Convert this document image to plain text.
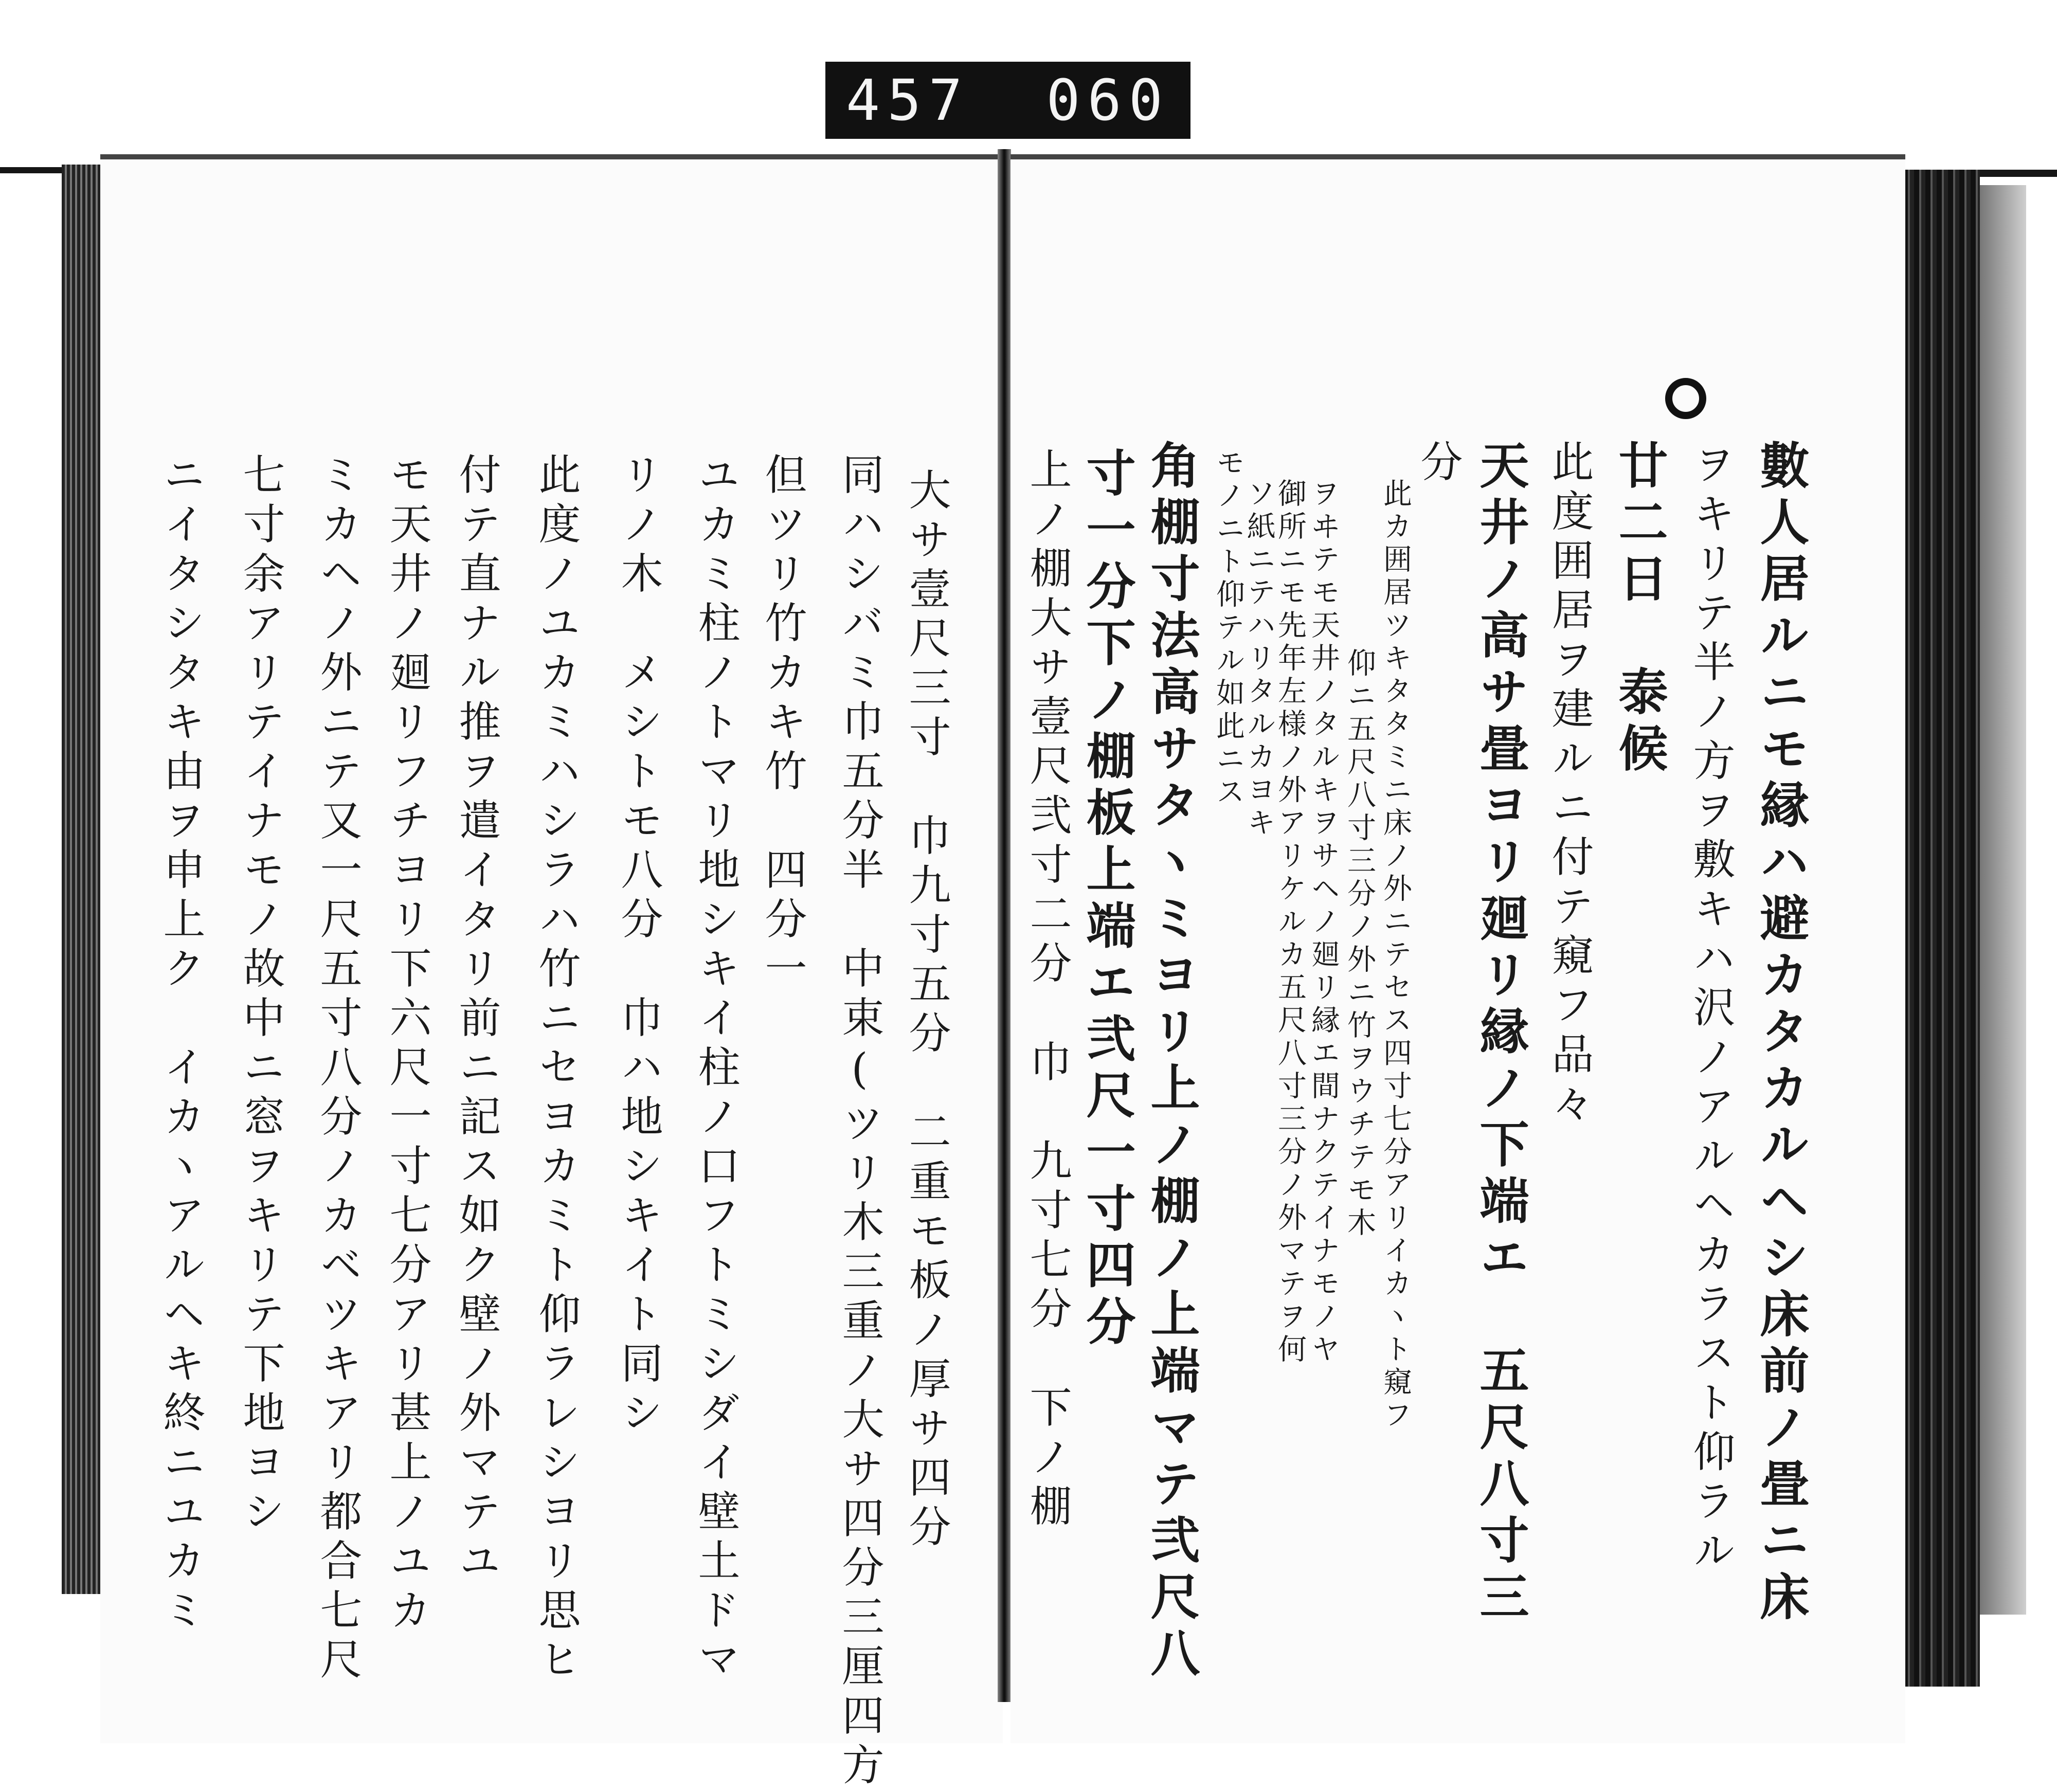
457 060
大サ壹尺三寸　巾九寸五分　二重モ板ノ厚サ四分
同ハシバミ巾五分半　中束(ツリ木三重ノ大サ四分三厘四方
但ツリ竹カキ竹　四分一
ユカミ柱ノトマリ地シキイ柱ノ口フトミシダイ壁土ドマ
リノ木　メシトモ八分　巾ハ地シキイト同シ
此度ノユカミハシラハ竹ニセヨカミト仰ラレシヨリ思ヒ
付テ直ナル推ヲ遣イタリ前ニ記ス如ク壁ノ外マテユ
モ天井ノ廻リフチヨリ下六尺一寸七分アリ甚上ノユカ
ミカヘノ外ニテ又一尺五寸八分ノカベツキアリ都合七尺
七寸余アリテイナモノ故中ニ窓ヲキリテ下地ヨシ
ニイタシタキ由ヲ申上ク　イカヽアルヘキ終ニユカミ	數人居ルニモ縁ハ避カタカルヘシ床前ノ畳ニ床
ヲキリテ半ノ方ヲ敷キハ沢ノアルヘカラスト仰ラル
廿二日　泰候
此度囲居ヲ建ルニ付テ窺フ品々
天井ノ高サ畳ヨリ廻リ縁ノ下端エ　五尺八寸三
分
此カ囲居ツキタタミニ床ノ外ニテセス四寸七分アリイカヽト窺フ
仰ニ五尺八寸三分ノ外ニ竹ヲウチテモ木
ヲヰテモ天井ノタルキヲサヘノ廻リ縁エ間ナクテイナモノヤ
御所ニモ先年左様ノ外アリケルカ五尺八寸三分ノ外マテヲ何
ソ紙ニテハリタルカヨキ
モノニト仰テル如此ニス
角棚寸法高サタヽミヨリ上ノ棚ノ上端マテ弐尺八
寸一分下ノ棚板上端エ弐尺一寸四分
上ノ棚大サ壹尺弐寸二分　巾　九寸七分　下ノ棚
